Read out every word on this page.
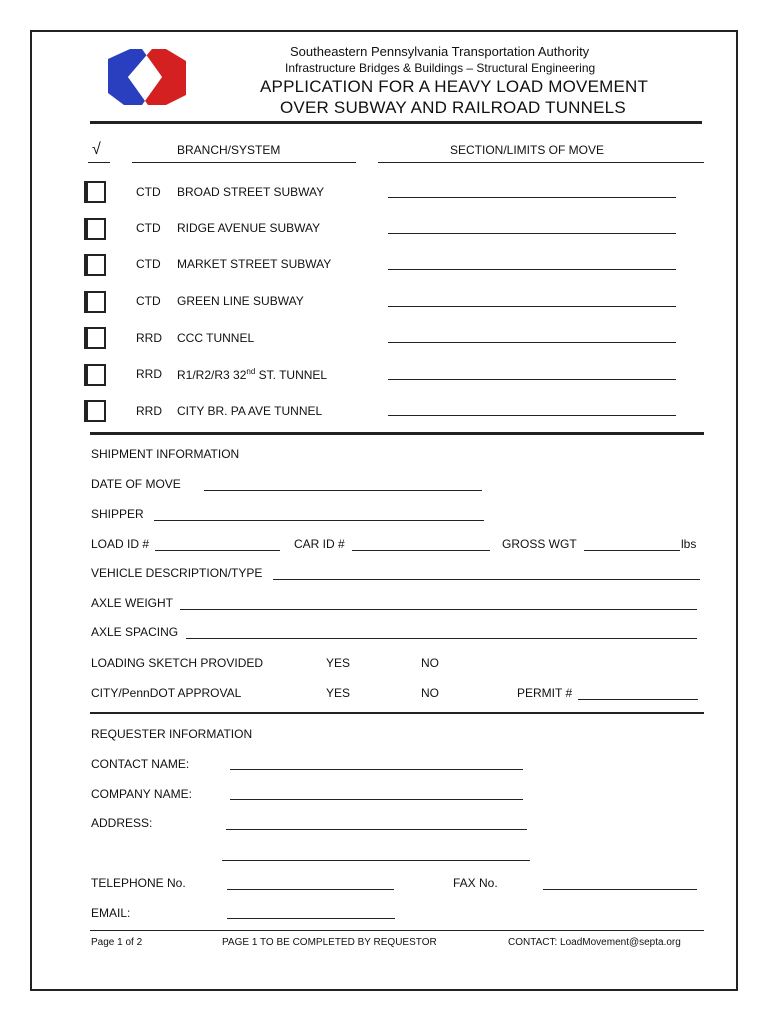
Southeastern Pennsylvania Transportation Authority
Infrastructure Bridges & Buildings – Structural Engineering
APPLICATION FOR A HEAVY LOAD MOVEMENT
OVER SUBWAY AND RAILROAD TUNNELS
√	BRANCH/SYSTEM	SECTION/LIMITS OF MOVE
CTD BROAD STREET SUBWAY
CTD RIDGE AVENUE SUBWAY
CTD MARKET STREET SUBWAY
CTD GREEN LINE SUBWAY
RRD CCC TUNNEL
RRD R1/R2/R3 32nd ST. TUNNEL
RRD CITY BR. PA AVE TUNNEL
SHIPMENT INFORMATION
DATE OF MOVE
SHIPPER
LOAD ID #	CAR ID #	GROSS WGT	lbs
VEHICLE DESCRIPTION/TYPE
AXLE WEIGHT
AXLE SPACING
LOADING SKETCH PROVIDED	YES	NO
CITY/PennDOT APPROVAL	YES	NO	PERMIT #
REQUESTER INFORMATION
CONTACT NAME:
COMPANY NAME:
ADDRESS:
TELEPHONE No.	FAX No.
EMAIL:
Page 1 of 2	PAGE 1 TO BE COMPLETED BY REQUESTOR	CONTACT: LoadMovement@septa.org
